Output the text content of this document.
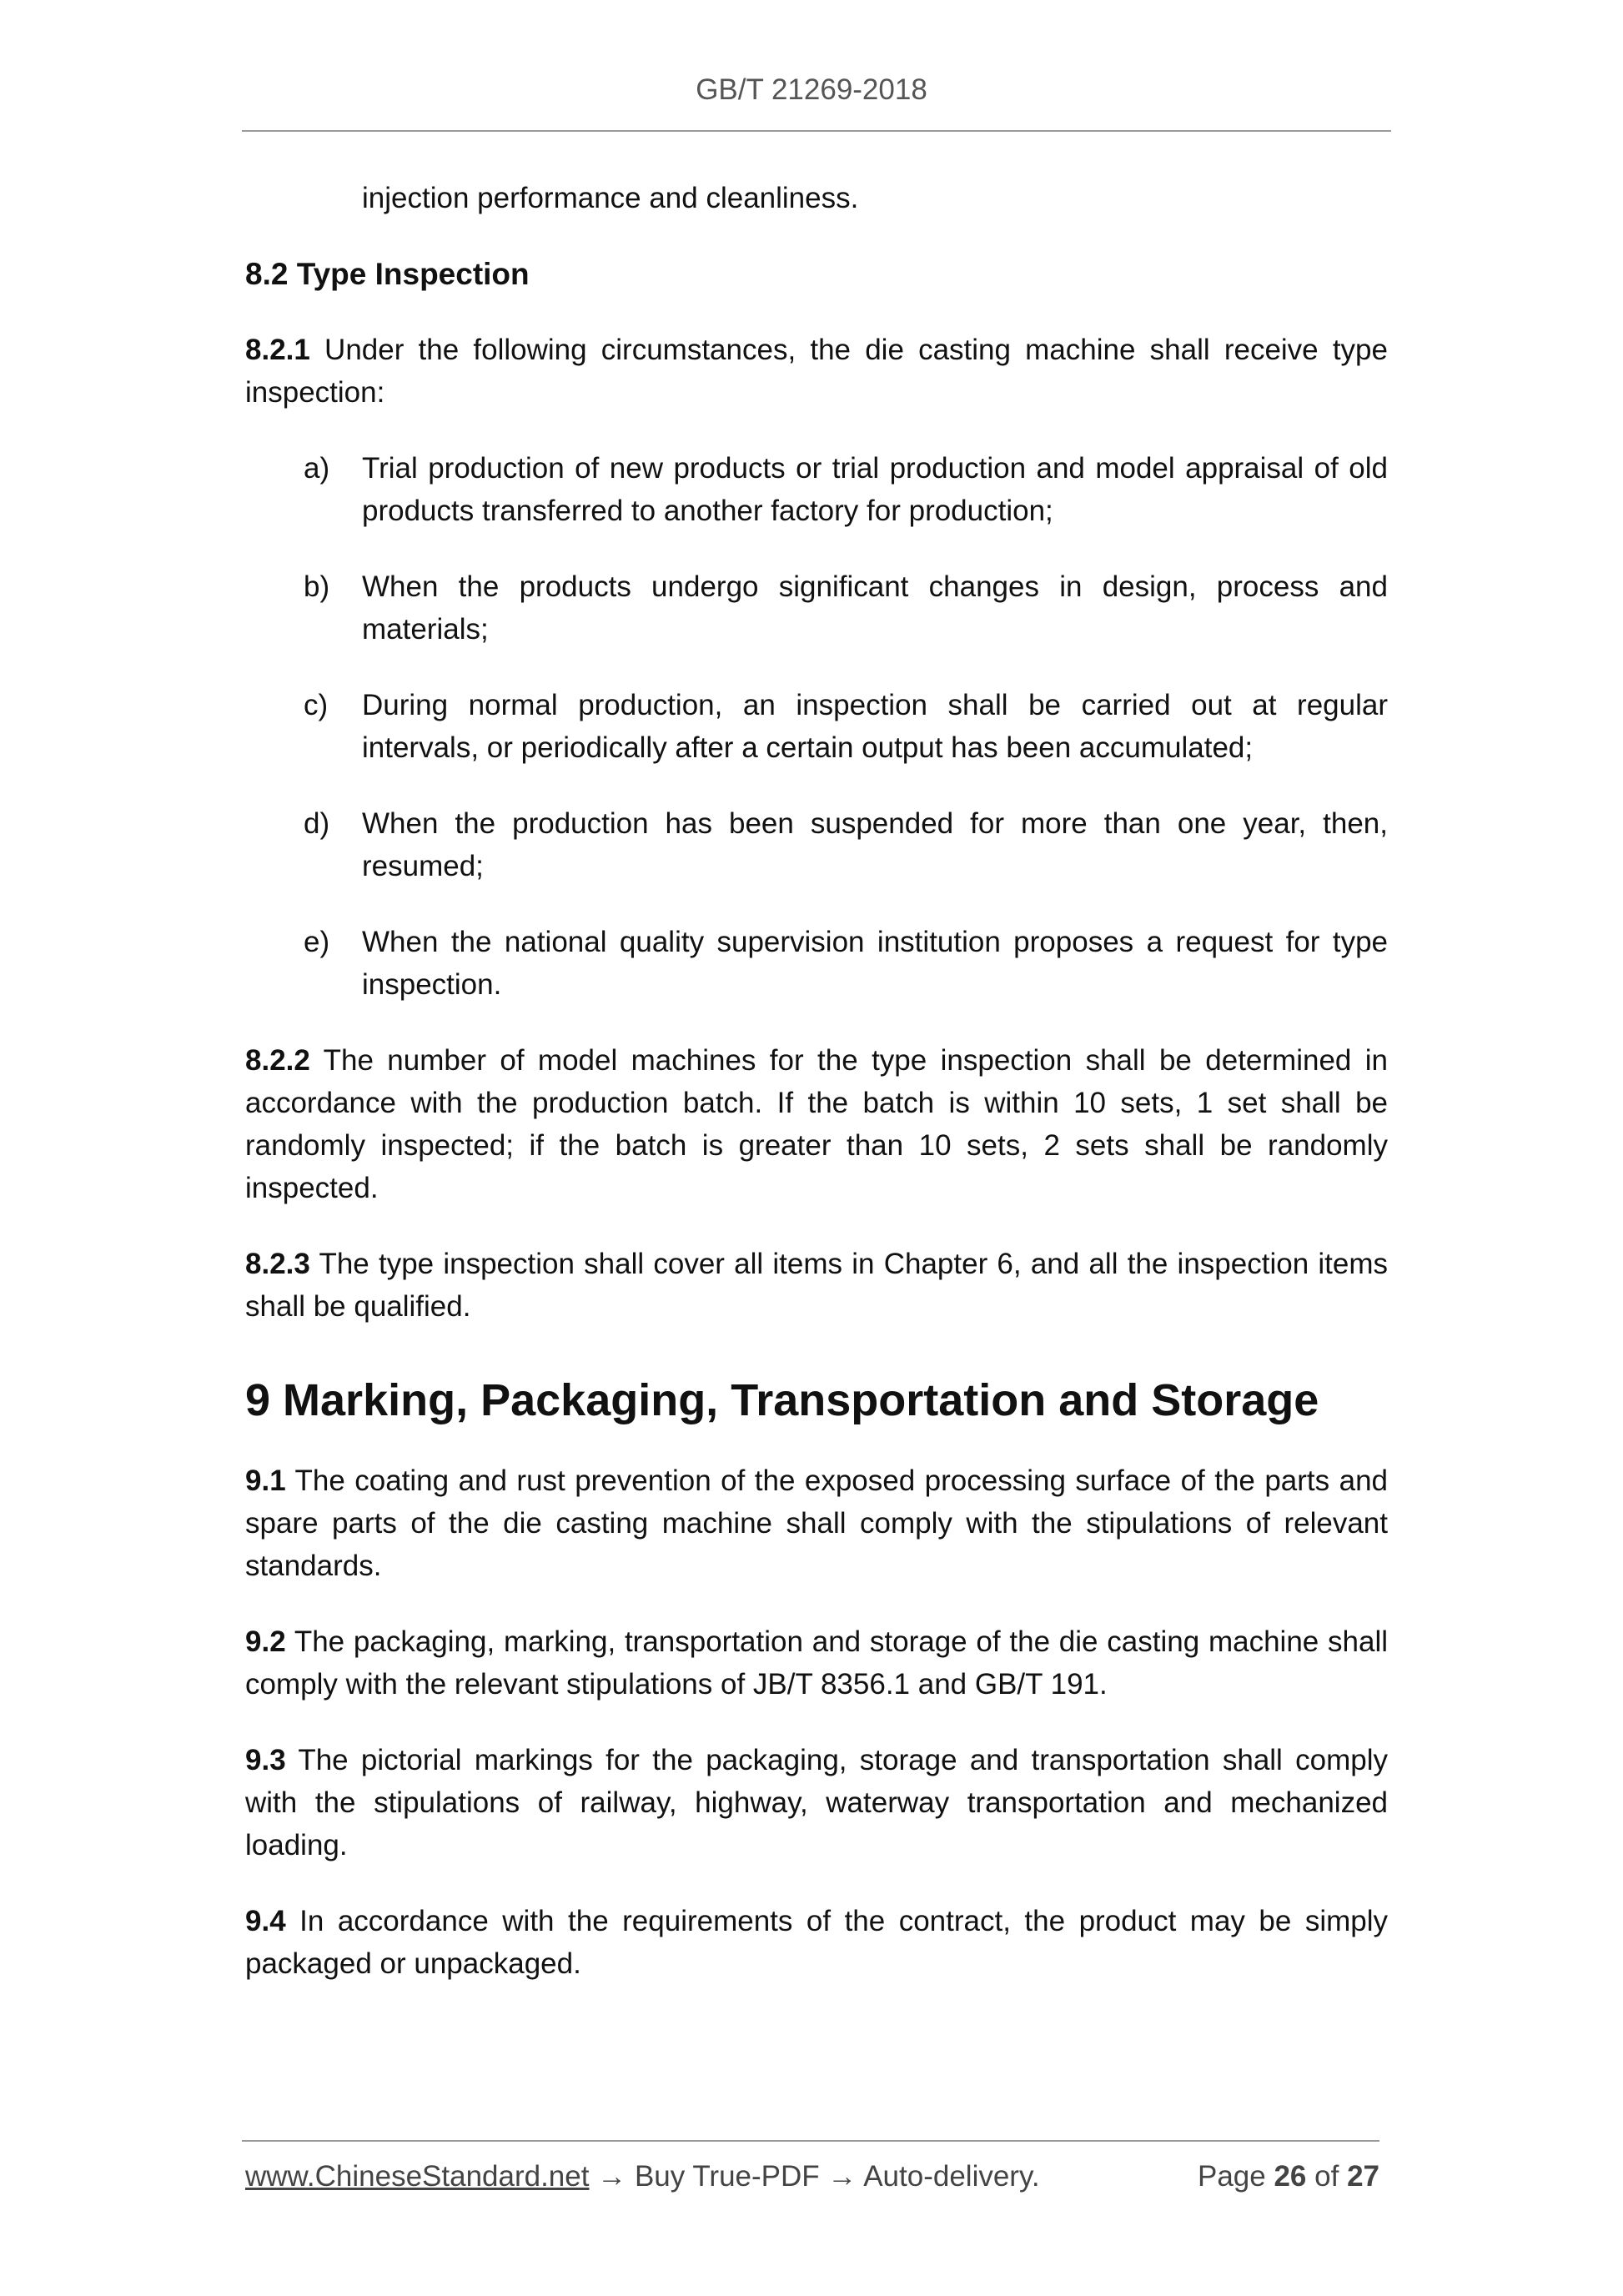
GB/T 21269-2018

injection performance and cleanliness.

8.2 Type Inspection

8.2.1 Under the following circumstances, the die casting machine shall receive type inspection:

a)	Trial production of new products or trial production and model appraisal of old products transferred to another factory for production;
b)	When the products undergo significant changes in design, process and materials;
c)	During normal production, an inspection shall be carried out at regular intervals, or periodically after a certain output has been accumulated;
d)	When the production has been suspended for more than one year, then, resumed;
e)	When the national quality supervision institution proposes a request for type inspection.

8.2.2 The number of model machines for the type inspection shall be determined in accordance with the production batch. If the batch is within 10 sets, 1 set shall be randomly inspected; if the batch is greater than 10 sets, 2 sets shall be randomly inspected.

8.2.3 The type inspection shall cover all items in Chapter 6, and all the inspection items shall be qualified.

9 Marking, Packaging, Transportation and Storage

9.1 The coating and rust prevention of the exposed processing surface of the parts and spare parts of the die casting machine shall comply with the stipulations of relevant standards.

9.2 The packaging, marking, transportation and storage of the die casting machine shall comply with the relevant stipulations of JB/T 8356.1 and GB/T 191.

9.3 The pictorial markings for the packaging, storage and transportation shall comply with the stipulations of railway, highway, waterway transportation and mechanized loading.

9.4 In accordance with the requirements of the contract, the product may be simply packaged or unpackaged.

www.ChineseStandard.net → Buy True-PDF → Auto-delivery.	Page 26 of 27
